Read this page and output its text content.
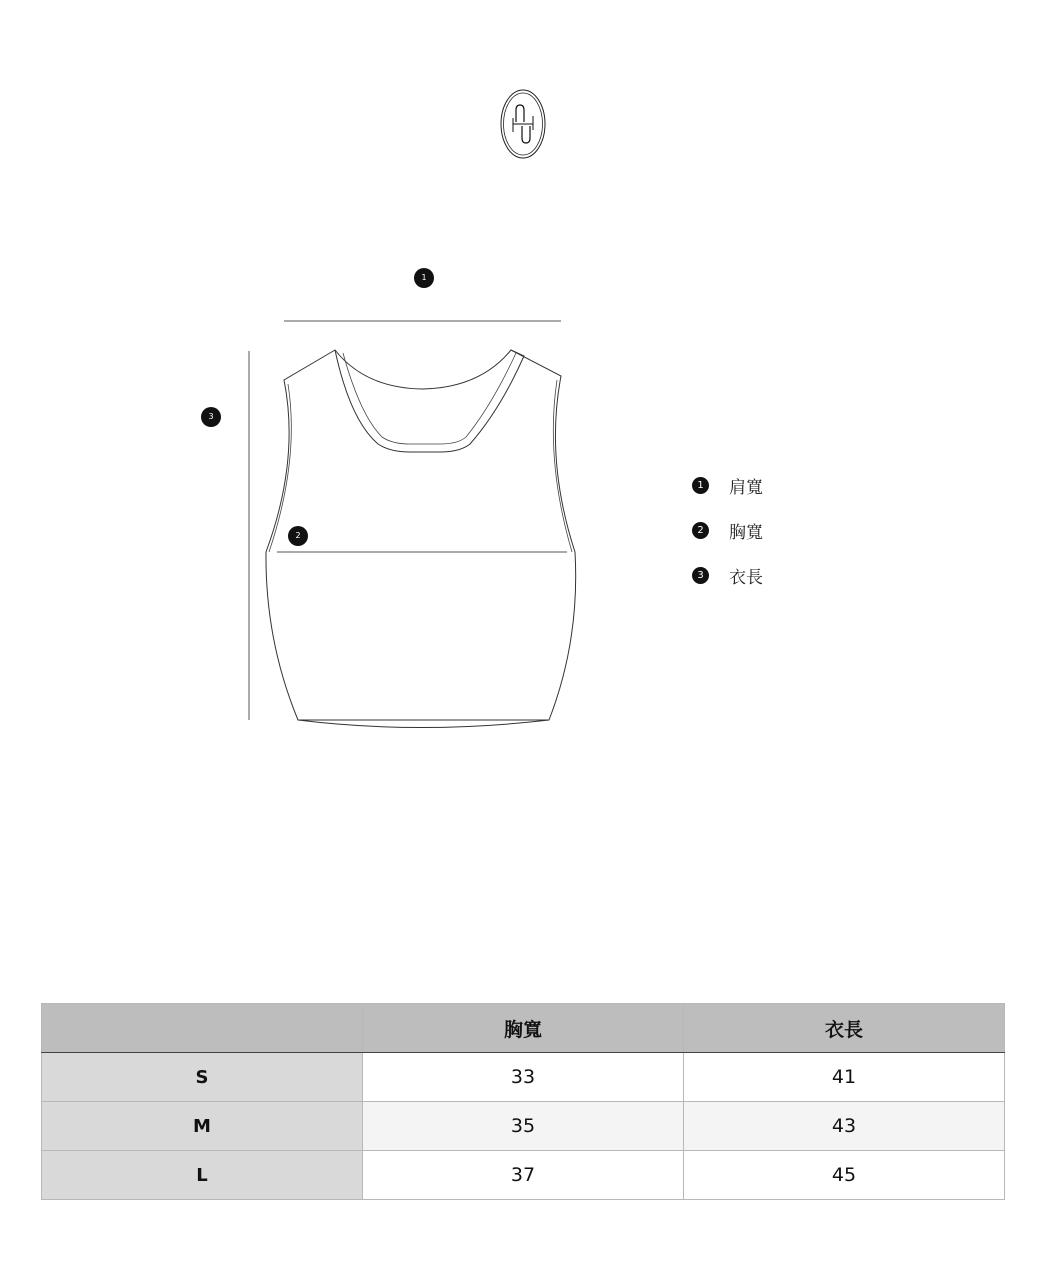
1
3
2
1	肩寬
2	胸寬
3	衣長
	胸寬	衣長
S	33	41
M	35	43
L	37	45
